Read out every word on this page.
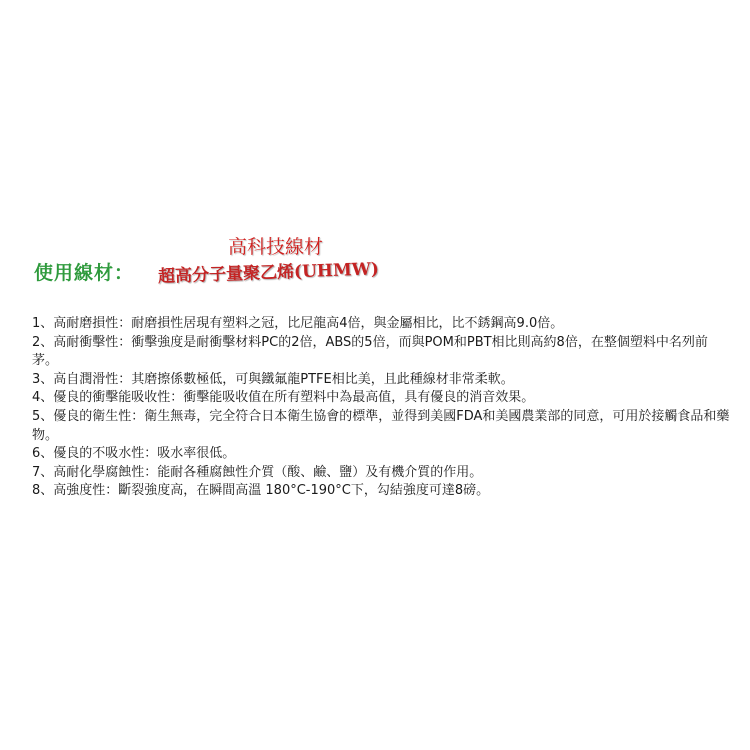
使用線材：
高科技線材
超高分子量聚乙烯(UHMW)
1、高耐磨損性：耐磨損性居現有塑料之冠，比尼龍高4倍，與金屬相比，比不銹鋼高9.0倍。
2、高耐衝擊性：衝擊強度是耐衝擊材料PC的2倍，ABS的5倍，而與POM和PBT相比則高約8倍，在整個塑料中名列前茅。
3、高自潤滑性：其磨擦係數極低，可與鐵氟龍PTFE相比美，且此種線材非常柔軟。
4、優良的衝擊能吸收性：衝擊能吸收值在所有塑料中為最高值，具有優良的消音效果。
5、優良的衛生性：衛生無毒，完全符合日本衛生協會的標準，並得到美國FDA和美國農業部的同意，可用於接觸食品和藥物。
6、優良的不吸水性：吸水率很低。
7、高耐化學腐蝕性：能耐各種腐蝕性介質（酸、鹼、鹽）及有機介質的作用。
8、高強度性：斷裂強度高，在瞬間高溫 180°C-190°C下，勾結強度可達8磅。
